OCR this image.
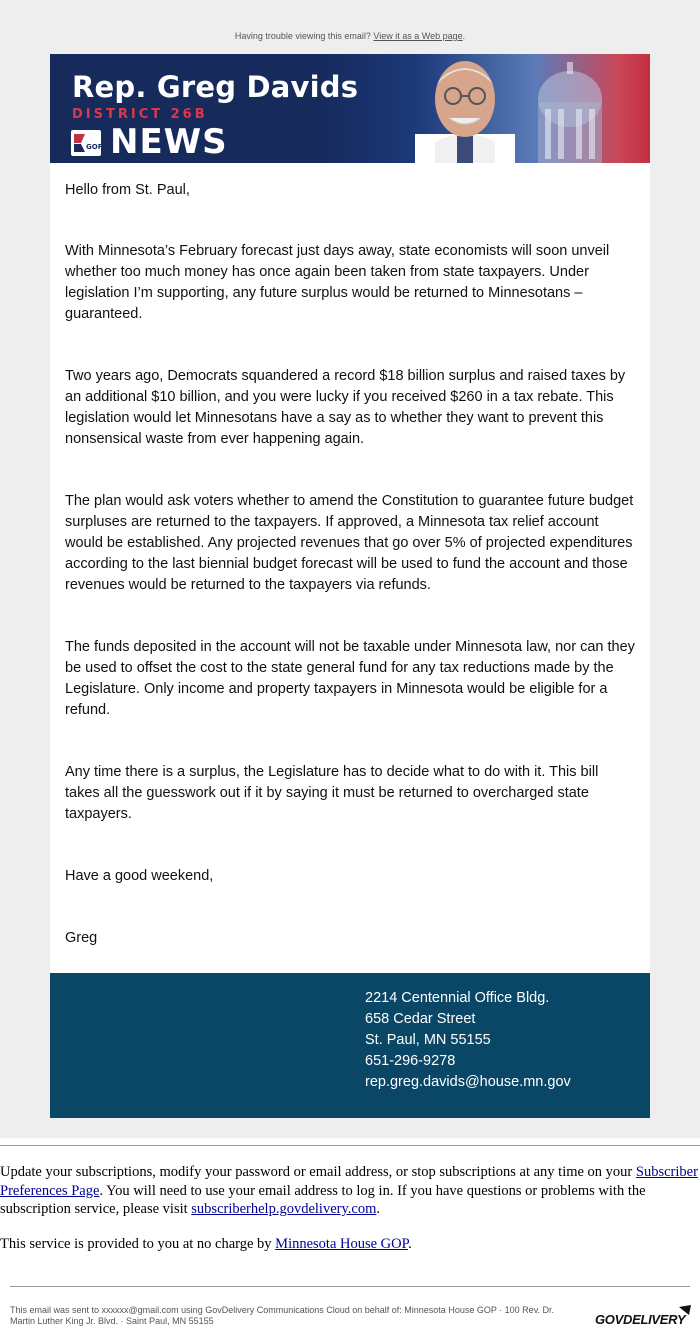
Having trouble viewing this email? View it as a Web page.
Rep. Greg Davids
DISTRICT 26B
GOP NEWS

Hello from St. Paul,

With Minnesota’s February forecast just days away, state economists will soon unveil whether too much money has once again been taken from state taxpayers. Under legislation I’m supporting, any future surplus would be returned to Minnesotans – guaranteed.

Two years ago, Democrats squandered a record $18 billion surplus and raised taxes by an additional $10 billion, and you were lucky if you received $260 in a tax rebate. This legislation would let Minnesotans have a say as to whether they want to prevent this nonsensical waste from ever happening again.

The plan would ask voters whether to amend the Constitution to guarantee future budget surpluses are returned to the taxpayers. If approved, a Minnesota tax relief account would be established. Any projected revenues that go over 5% of projected expenditures according to the last biennial budget forecast will be used to fund the account and those revenues would be returned to the taxpayers via refunds.

The funds deposited in the account will not be taxable under Minnesota law, nor can they be used to offset the cost to the state general fund for any tax reductions made by the Legislature. Only income and property taxpayers in Minnesota would be eligible for a refund.

Any time there is a surplus, the Legislature has to decide what to do with it. This bill takes all the guesswork out if it by saying it must be returned to overcharged state taxpayers.

Have a good weekend,

Greg

2214 Centennial Office Bldg.
658 Cedar Street
St. Paul, MN 55155
651-296-9278
rep.greg.davids@house.mn.gov

Update your subscriptions, modify your password or email address, or stop subscriptions at any time on your Subscriber Preferences Page. You will need to use your email address to log in. If you have questions or problems with the subscription service, please visit subscriberhelp.govdelivery.com.

This service is provided to you at no charge by Minnesota House GOP.

This email was sent to xxxxxx@gmail.com using GovDelivery Communications Cloud on behalf of: Minnesota House GOP · 100 Rev. Dr. Martin Luther King Jr. Blvd. · Saint Paul, MN 55155	GOVDELIVERY
